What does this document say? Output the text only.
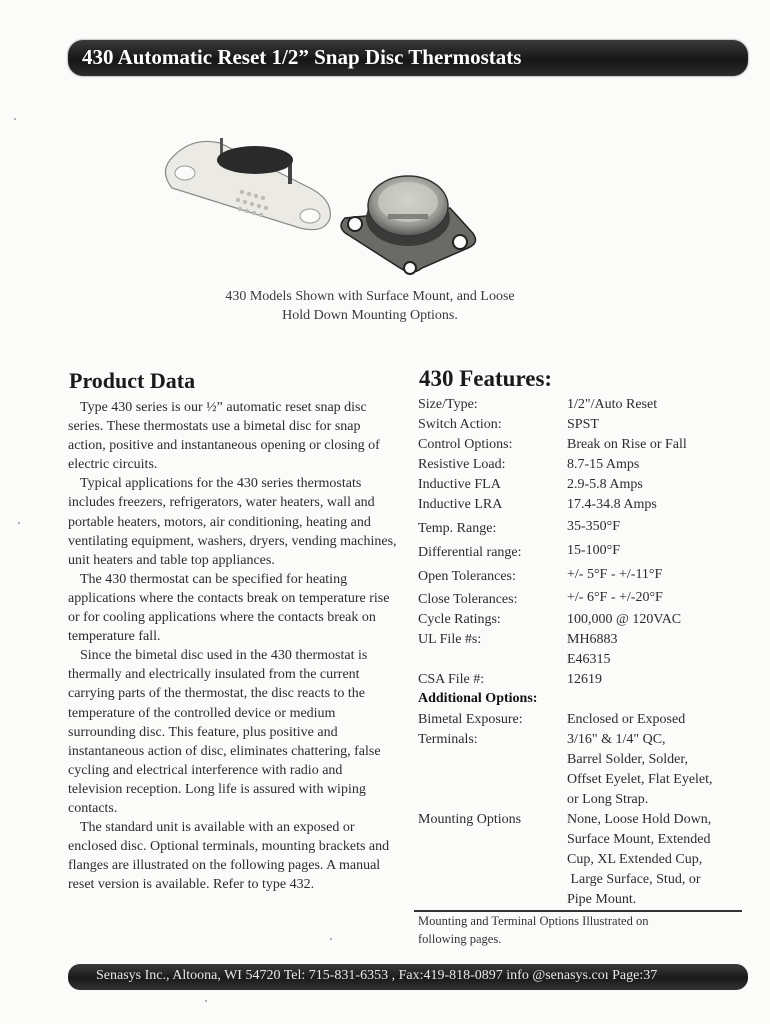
430 Automatic Reset 1/2” Snap Disc Thermostats
430 Models Shown with Surface Mount, and Loose
Hold Down Mounting Options.
Product Data	430 Features:

Type 430 series is our ½” automatic reset snap disc series. These thermostats use a bimetal disc for snap action, positive and instantaneous opening or closing of electric circuits.

Typical applications for the 430 series thermostats includes freezers, refrigerators, water heaters, wall and portable heaters, motors, air conditioning, heating and ventilating equipment, washers, dryers, vending machines, unit heaters and table top appliances.

The 430 thermostat can be specified for heating applications where the contacts break on temperature rise or for cooling applications where the contacts break on temperature fall.

Since the bimetal disc used in the 430 thermostat is thermally and electrically insulated from the current carrying parts of the thermostat, the disc reacts to the temperature of the controlled device or medium surrounding disc. This feature, plus positive and instantaneous action of disc, eliminates chattering, false cycling and electrical interference with radio and television reception. Long life is assured with wiping contacts.

The standard unit is available with an exposed or enclosed disc. Optional terminals, mounting brackets and flanges are illustrated on the following pages. A manual reset version is available. Refer to type 432.

Size/Type:	1/2"/Auto Reset
Switch Action:	SPST
Control Options:	Break on Rise or Fall
Resistive Load:	8.7-15 Amps
Inductive FLA	2.9-5.8 Amps
Inductive LRA	17.4-34.8 Amps
Temp. Range:	35-350°F
Differential range:	15-100°F
Open Tolerances:	+/- 5°F - +/-11°F
Close Tolerances:	+/- 6°F - +/-20°F
Cycle Ratings:	100,000 @ 120VAC
UL File #s:	MH6883
E46315
CSA File #:	12619
Additional Options:
Bimetal Exposure:	Enclosed or Exposed
Terminals:	3/16" & 1/4" QC,
Barrel Solder, Solder,
Offset Eyelet, Flat Eyelet,
or Long Strap.
Mounting Options	None, Loose Hold Down,
Surface Mount, Extended
Cup, XL Extended Cup,
Large Surface, Stud, or
Pipe Mount.
Mounting and Terminal Options Illustrated on
following pages.
Senasys Inc., Altoona, WI 54720 Tel: 715-831-6353 , Fax:419-818-0897 info @senasys.coı Page:37
